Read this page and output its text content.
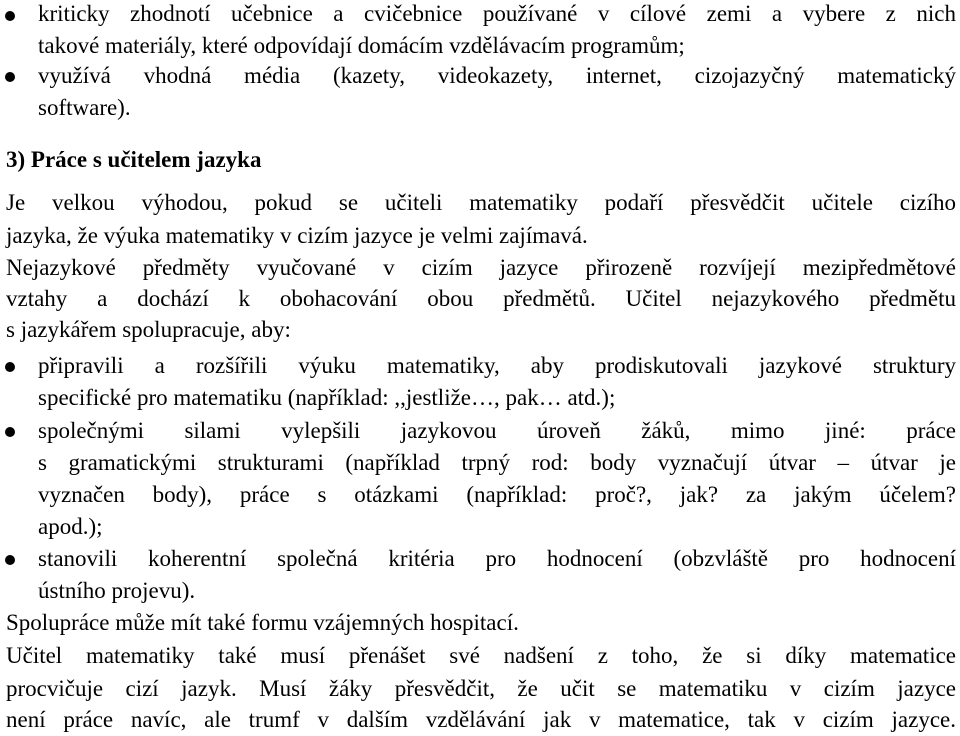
kriticky zhodnotí učebnice a cvičebnice používané v cílové zemi a vybere z nich
takové materiály, které odpovídají domácím vzdělávacím programům;
využívá vhodná média (kazety, videokazety, internet, cizojazyčný matematický
software).
3) Práce s učitelem jazyka
Je velkou výhodou, pokud se učiteli matematiky podaří přesvědčit učitele cizího
jazyka, že výuka matematiky v cizím jazyce je velmi zajímavá.
Nejazykové předměty vyučované v cizím jazyce přirozeně rozvíjejí mezipředmětové
vztahy a dochází k obohacování obou předmětů. Učitel nejazykového předmětu
s jazykářem spolupracuje, aby:
připravili a rozšířili výuku matematiky, aby prodiskutovali jazykové struktury
specifické pro matematiku (například: ,,jestliže…, pak… atd.);
společnými silami vylepšili jazykovou úroveň žáků, mimo jiné: práce
s gramatickými strukturami (například trpný rod: body vyznačují útvar – útvar je
vyznačen body), práce s otázkami (například: proč?, jak? za jakým účelem?
apod.);
stanovili koherentní společná kritéria pro hodnocení (obzvláště pro hodnocení
ústního projevu).
Spolupráce může mít také formu vzájemných hospitací.
Učitel matematiky také musí přenášet své nadšení z toho, že si díky matematice
procvičuje cizí jazyk. Musí žáky přesvědčit, že učit se matematiku v cizím jazyce
není práce navíc, ale trumf v dalším vzdělávání jak v matematice, tak v cizím jazyce.
